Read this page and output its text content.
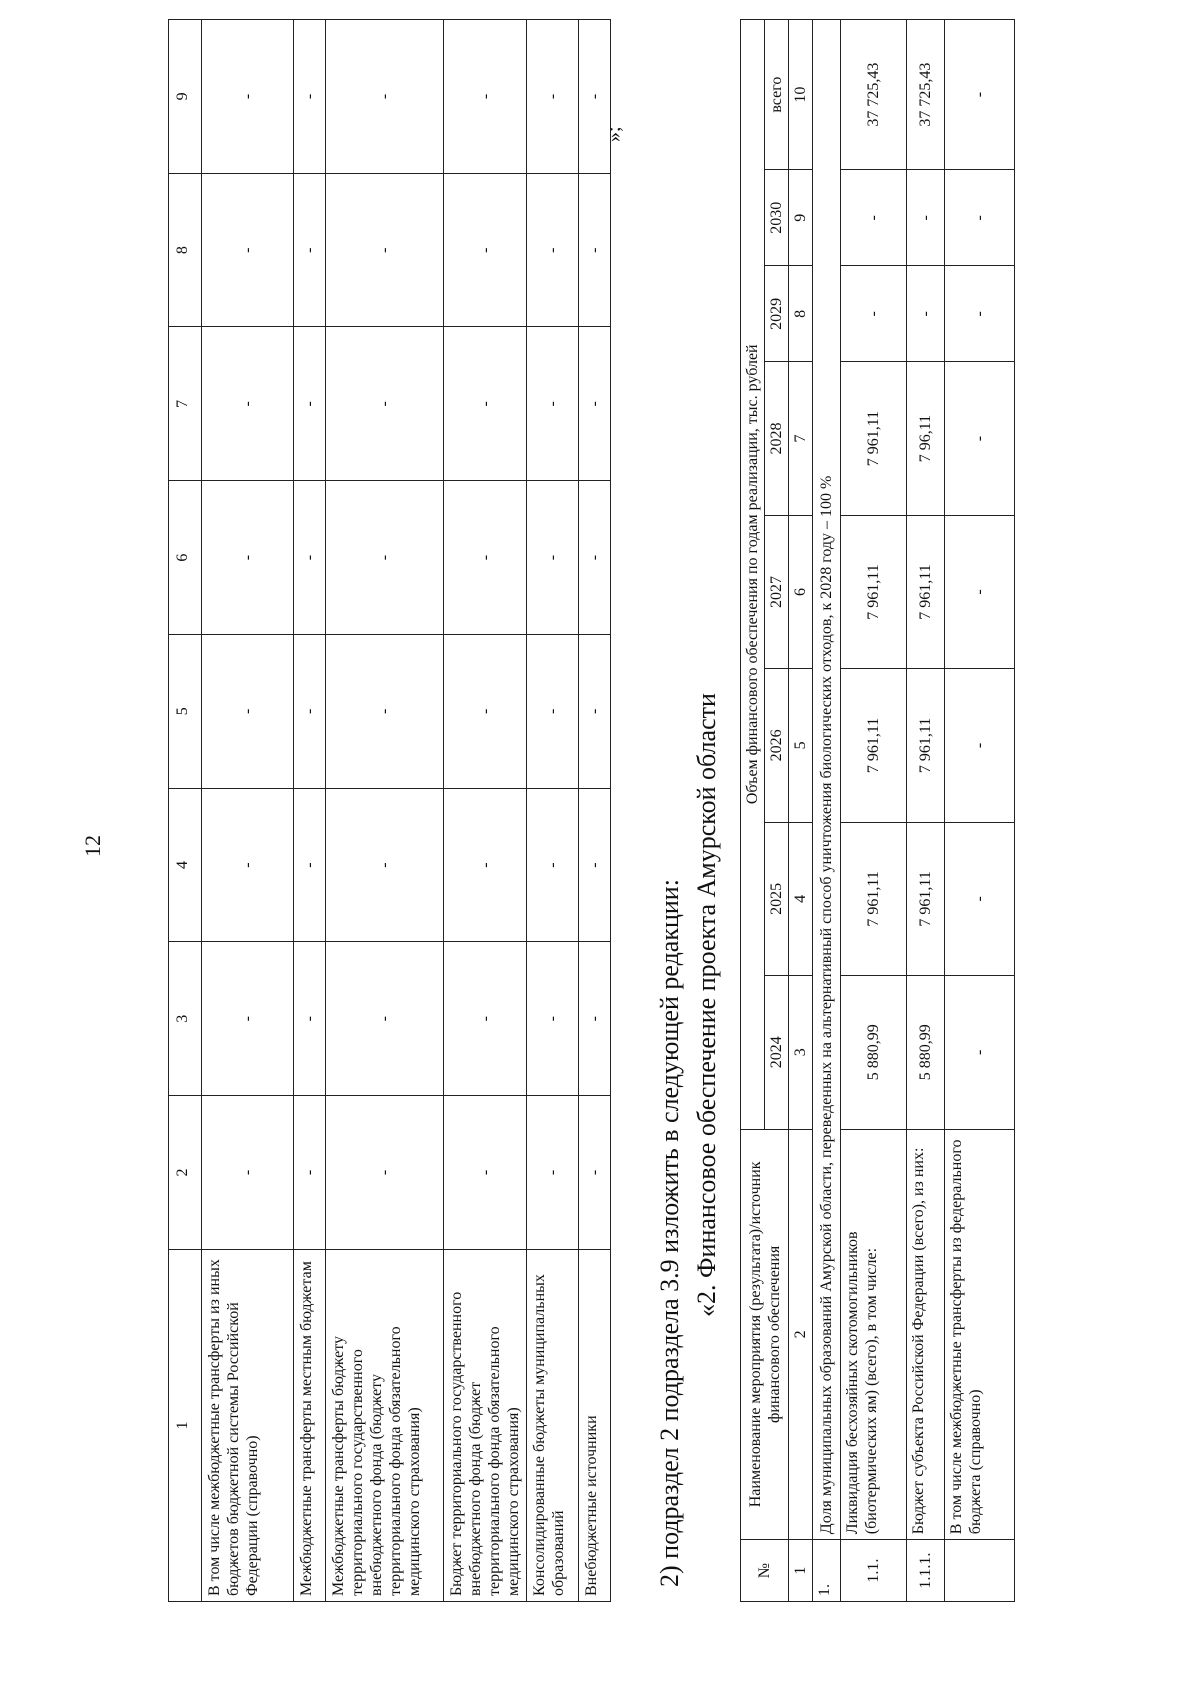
12
1	2	3	4	5	6	7	8	9
В том числе межбюджетные трансферты из иных бюджетов бюджетной системы Российской Федерации (справочно)	-	-	-	-	-	-	-	-
Межбюджетные трансферты местным бюджетам	-	-	-	-	-	-	-	-
Межбюджетные трансферты бюджету территориального государственного внебюджетного фонда (бюджету территориального фонда обязательного медицинского страхования)	-	-	-	-	-	-	-	-
Бюджет территориального государственного внебюджетного фонда (бюджет территориального фонда обязательного медицинского страхования)	-	-	-	-	-	-	-	-
Консолидированные бюджеты муниципальных образований	-	-	-	-	-	-	-	-
Внебюджетные источники	-	-	-	-	-	-	-	-
»;
2) подраздел 2 подраздела 3.9 изложить в следующей редакции: «2. Финансовое обеспечение проекта Амурской области
№	Наименование мероприятия (результата)/источник финансового обеспечения	Объем финансового обеспечения по годам реализации, тыс. рублей							
		2024	2025	2026	2027	2028	2029	2030	всего
1	2	3	4	5	6	7	8	9	10
1.	Доля муниципальных образований Амурской области, переведенных на альтернативный способ уничтожения биологических отходов, к 2028 году – 100 %								
1.1.	Ликвидация бесхозяйных скотомогильников (биотермических ям) (всего), в том числе:	5 880,99	7 961,11	7 961,11	7 961,11	7 961,11	-	-	37 725,43
1.1.1.	Бюджет субъекта Российской Федерации (всего), из них:	5 880,99	7 961,11	7 961,11	7 961,11	7 96,11	-	-	37 725,43
	В том числе межбюджетные трансферты из федерального бюджета (справочно)	-	-	-	-	-	-	-	-
